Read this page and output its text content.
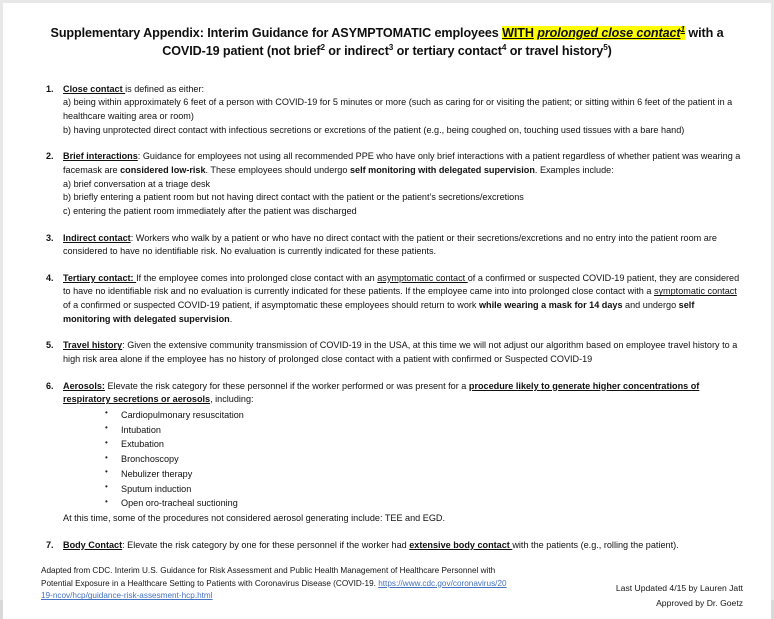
Supplementary Appendix: Interim Guidance for ASYMPTOMATIC employees WITH prolonged close contact$^1$ with a COVID-19 patient (not brief$^2$ or indirect$^3$ or tertiary contact$^4$ or travel history$^5$)
1. Close contact is defined as either:
a) being within approximately 6 feet of a person with COVID-19 for 5 minutes or more (such as caring for or visiting the patient; or sitting within 6 feet of the patient in a healthcare waiting area or room)
b) having unprotected direct contact with infectious secretions or excretions of the patient (e.g., being coughed on, touching used tissues with a bare hand)
2. Brief interactions: Guidance for employees not using all recommended PPE who have only brief interactions with a patient regardless of whether patient was wearing a facemask are considered low-risk. These employees should undergo self monitoring with delegated supervision. Examples include:
a) brief conversation at a triage desk
b) briefly entering a patient room but not having direct contact with the patient or the patient’s secretions/excretions
c) entering the patient room immediately after the patient was discharged
3. Indirect contact: Workers who walk by a patient or who have no direct contact with the patient or their secretions/excretions and no entry into the patient room are considered to have no identifiable risk. No evaluation is currently indicated for these patients.
4. Tertiary contact: If the employee comes into prolonged close contact with an asymptomatic contact of a confirmed or suspected COVID-19 patient, they are considered to have no identifiable risk and no evaluation is currently indicated for these patients. If the employee came into into prolonged close contact with a symptomatic contact of a confirmed or suspected COVID-19 patient, if asymptomatic these employees should return to work while wearing a mask for 14 days and undergo self monitoring with delegated supervision.
5. Travel history: Given the extensive community transmission of COVID-19 in the USA, at this time we will not adjust our algorithm based on employee travel history to a high risk area alone if the employee has no history of prolonged close contact with a patient with confirmed or Suspected COVID-19
6. Aerosols: Elevate the risk category for these personnel if the worker performed or was present for a procedure likely to generate higher concentrations of respiratory secretions or aerosols, including:
• Cardiopulmonary resuscitation
• Intubation
• Extubation
• Bronchoscopy
• Nebulizer therapy
• Sputum induction
• Open oro-tracheal suctioning
At this time, some of the procedures not considered aerosol generating include: TEE and EGD.
7. Body Contact: Elevate the risk category by one for these personnel if the worker had extensive body contact with the patients (e.g., rolling the patient).
Adapted from CDC. Interim U.S. Guidance for Risk Assessment and Public Health Management of Healthcare Personnel with Potential Exposure in a Healthcare Setting to Patients with Coronavirus Disease (COVID-19. https://www.cdc.gov/coronavirus/2019-ncov/hcp/guidance-risk-assesment-hcp.html
Last Updated 4/15 by Lauren Jatt
Approved by Dr. Goetz
